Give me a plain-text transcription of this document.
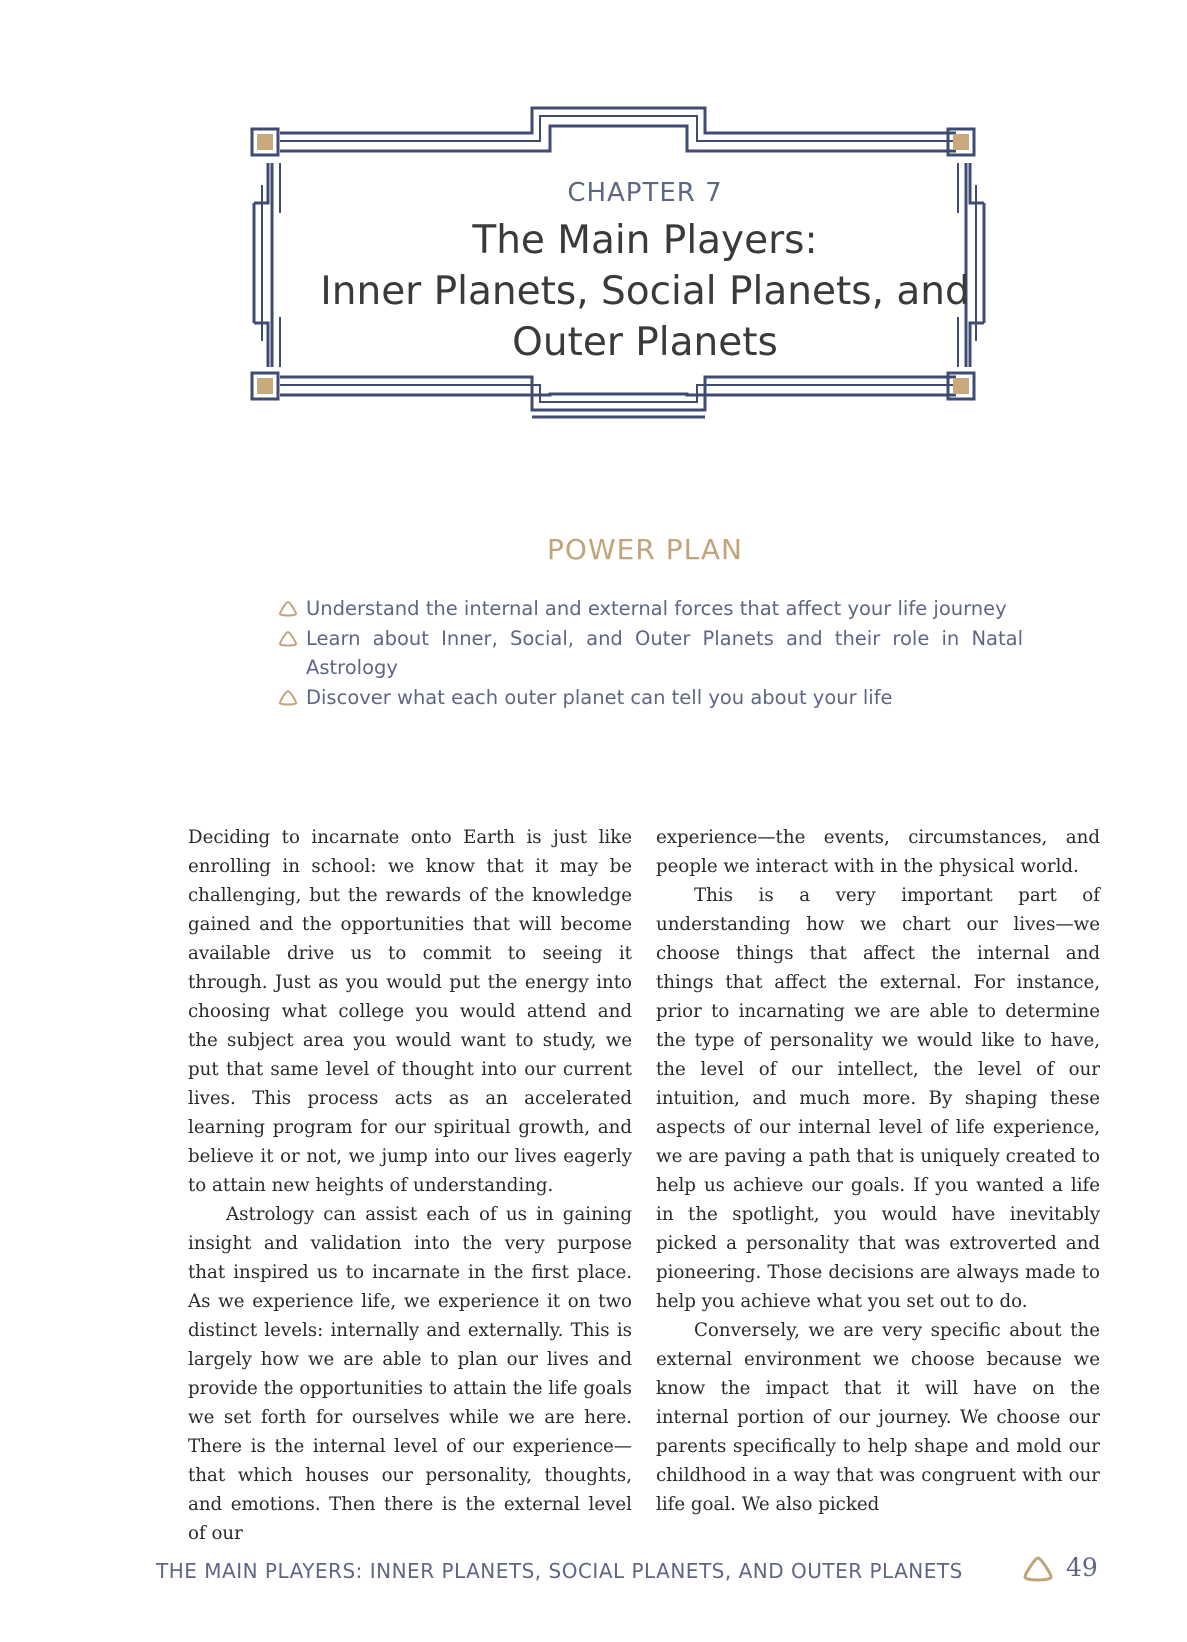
CHAPTER 7
The Main Players:
Inner Planets, Social Planets, and
Outer Planets
POWER PLAN
Understand the internal and external forces that affect your life journey
Learn about Inner, Social, and Outer Planets and their role in Natal Astrology
Discover what each outer planet can tell you about your life

Deciding to incarnate onto Earth is just like enrolling in school: we know that it may be challenging, but the rewards of the knowledge gained and the opportunities that will become available drive us to commit to seeing it through. Just as you would put the energy into choosing what college you would attend and the subject area you would want to study, we put that same level of thought into our current lives. This process acts as an accelerated learning program for our spiritual growth, and believe it or not, we jump into our lives eagerly to attain new heights of understanding.

Astrology can assist each of us in gaining insight and validation into the very purpose that inspired us to incarnate in the first place. As we experience life, we experience it on two distinct levels: internally and externally. This is largely how we are able to plan our lives and provide the opportunities to attain the life goals we set forth for ourselves while we are here. There is the internal level of our experience—that which houses our personality, thoughts, and emotions. Then there is the external level of our

experience—the events, circumstances, and people we interact with in the physical world.

This is a very important part of understanding how we chart our lives—we choose things that affect the internal and things that affect the external. For instance, prior to incarnating we are able to determine the type of personality we would like to have, the level of our intellect, the level of our intuition, and much more. By shaping these aspects of our internal level of life experience, we are paving a path that is uniquely created to help us achieve our goals. If you wanted a life in the spotlight, you would have inevitably picked a personality that was extroverted and pioneering. Those decisions are always made to help you achieve what you set out to do.

Conversely, we are very specific about the external environment we choose because we know the impact that it will have on the internal portion of our journey. We choose our parents specifically to help shape and mold our childhood in a way that was congruent with our life goal. We also picked

THE MAIN PLAYERS: INNER PLANETS, SOCIAL PLANETS, AND OUTER PLANETS	49
